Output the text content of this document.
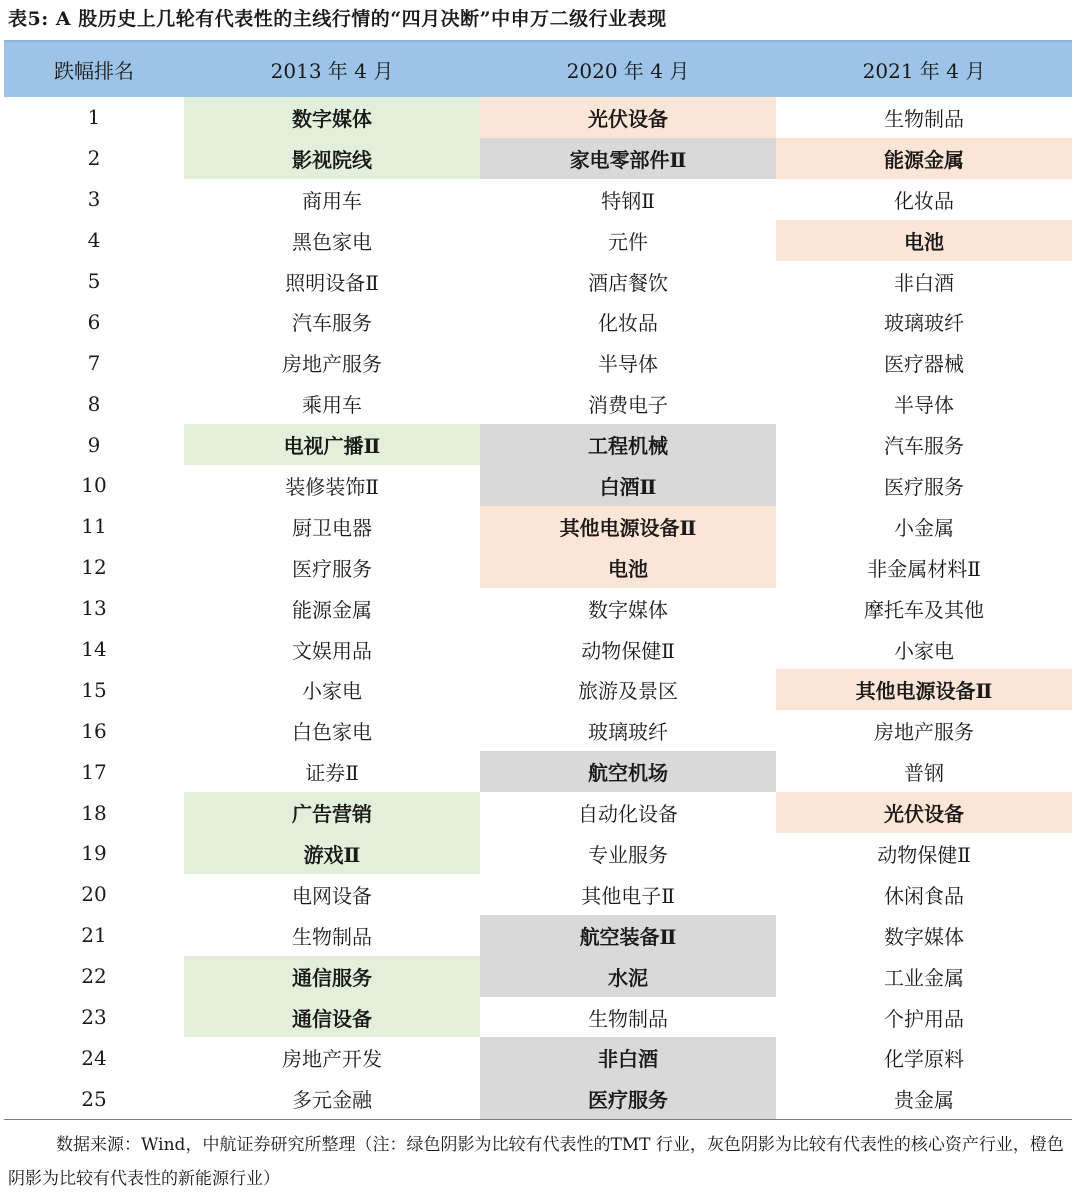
表5: A 股历史上几轮有代表性的主线行情的“四月决断”中申万二级行业表现
跌幅排名	2013 年 4 月	2020 年 4 月	2021 年 4 月
1	数字媒体	光伏设备	生物制品
2	影视院线	家电零部件Ⅱ	能源金属
3	商用车	特钢Ⅱ	化妆品
4	黑色家电	元件	电池
5	照明设备Ⅱ	酒店餐饮	非白酒
6	汽车服务	化妆品	玻璃玻纤
7	房地产服务	半导体	医疗器械
8	乘用车	消费电子	半导体
9	电视广播Ⅱ	工程机械	汽车服务
10	装修装饰Ⅱ	白酒Ⅱ	医疗服务
11	厨卫电器	其他电源设备Ⅱ	小金属
12	医疗服务	电池	非金属材料Ⅱ
13	能源金属	数字媒体	摩托车及其他
14	文娱用品	动物保健Ⅱ	小家电
15	小家电	旅游及景区	其他电源设备Ⅱ
16	白色家电	玻璃玻纤	房地产服务
17	证券Ⅱ	航空机场	普钢
18	广告营销	自动化设备	光伏设备
19	游戏Ⅱ	专业服务	动物保健Ⅱ
20	电网设备	其他电子Ⅱ	休闲食品
21	生物制品	航空装备Ⅱ	数字媒体
22	通信服务	水泥	工业金属
23	通信设备	生物制品	个护用品
24	房地产开发	非白酒	化学原料
25	多元金融	医疗服务	贵金属
数据来源：Wind，中航证券研究所整理（注：绿色阴影为比较有代表性的TMT 行业，灰色阴影为比较有代表性的核心资产行业，橙色阴影为比较有代表性的新能源行业）
